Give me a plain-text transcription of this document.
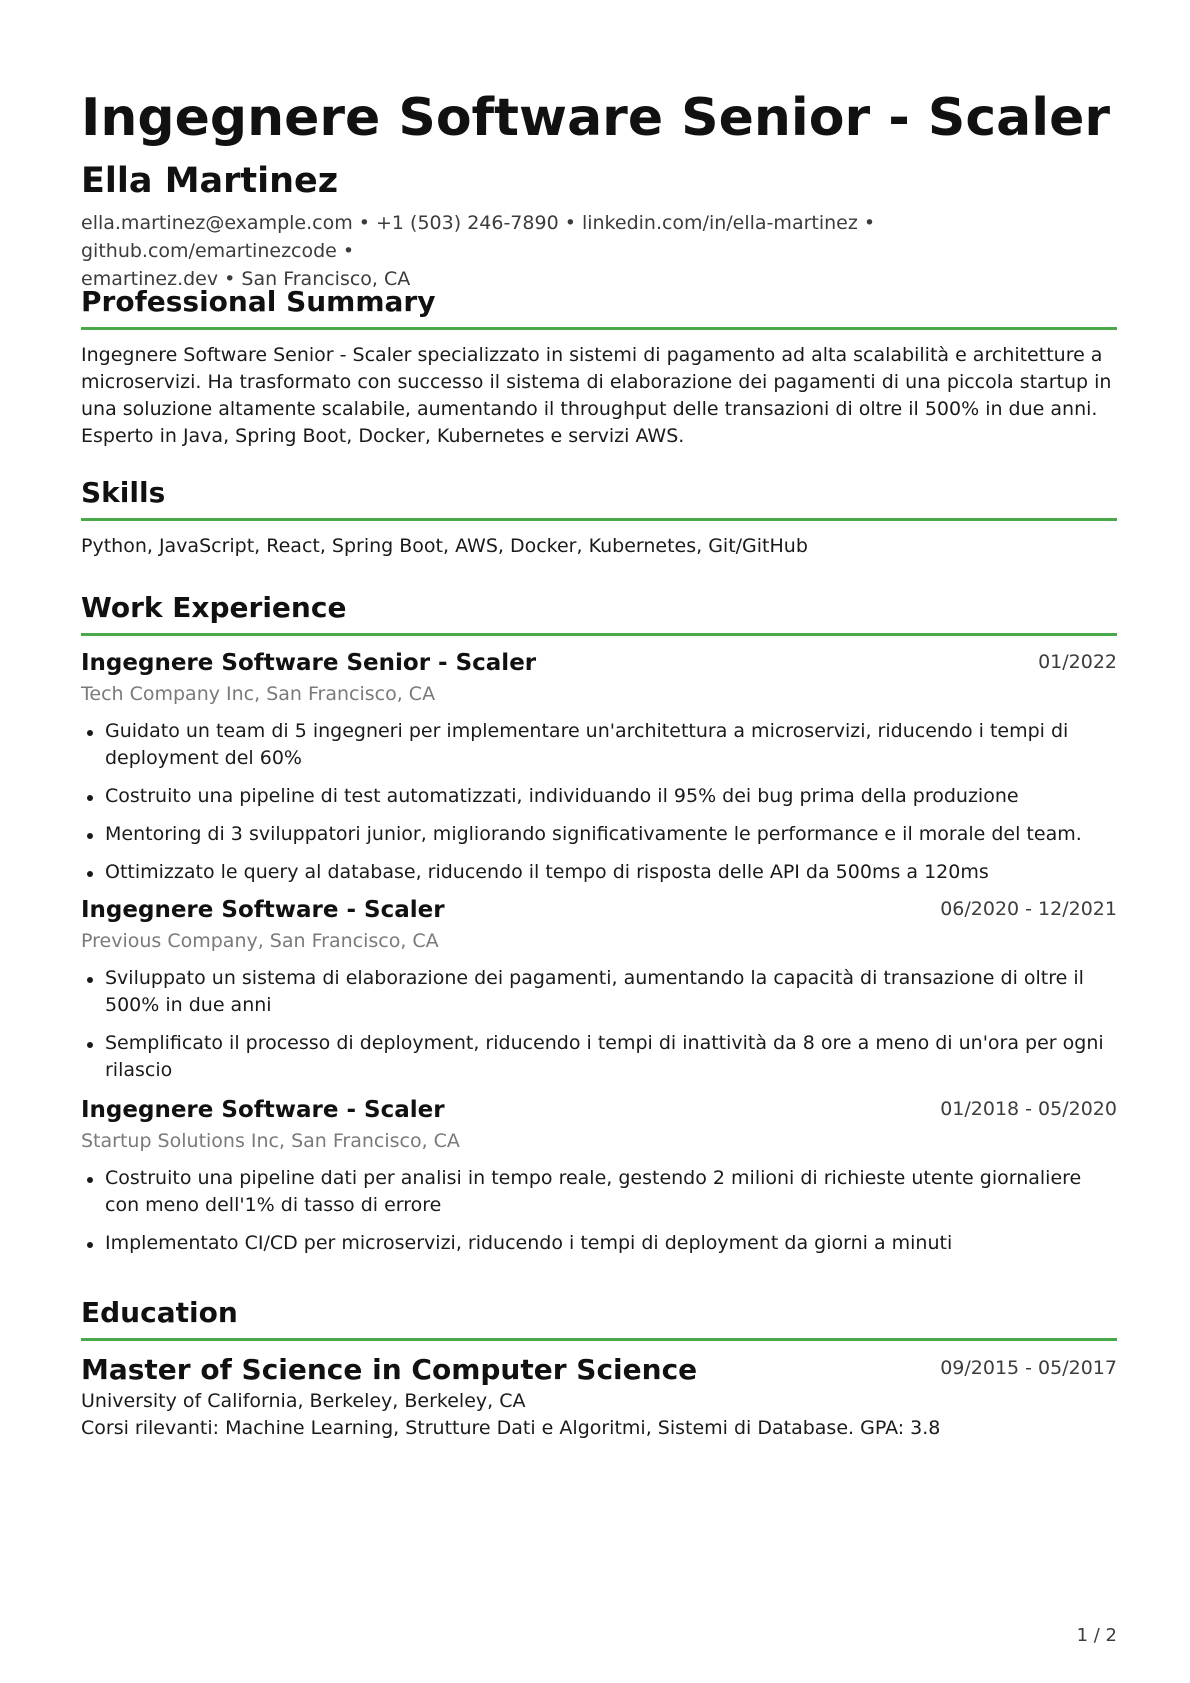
Ingegnere Software Senior - Scaler
Ella Martinez
ella.martinez@example.com • +1 (503) 246-7890 • linkedin.com/in/ella-martinez • github.com/emartinezcode •
emartinez.dev • San Francisco, CA
Professional Summary
Ingegnere Software Senior - Scaler specializzato in sistemi di pagamento ad alta scalabilità e architetture a microservizi. Ha trasformato con successo il sistema di elaborazione dei pagamenti di una piccola startup in una soluzione altamente scalabile, aumentando il throughput delle transazioni di oltre il 500% in due anni. Esperto in Java, Spring Boot, Docker, Kubernetes e servizi AWS.
Skills
Python, JavaScript, React, Spring Boot, AWS, Docker, Kubernetes, Git/GitHub
Work Experience
Ingegnere Software Senior - Scaler	01/2022
Tech Company Inc, San Francisco, CA
Guidato un team di 5 ingegneri per implementare un'architettura a microservizi, riducendo i tempi di deployment del 60%
Costruito una pipeline di test automatizzati, individuando il 95% dei bug prima della produzione
Mentoring di 3 sviluppatori junior, migliorando significativamente le performance e il morale del team.
Ottimizzato le query al database, riducendo il tempo di risposta delle API da 500ms a 120ms
Ingegnere Software - Scaler	06/2020 - 12/2021
Previous Company, San Francisco, CA
Sviluppato un sistema di elaborazione dei pagamenti, aumentando la capacità di transazione di oltre il 500% in due anni
Semplificato il processo di deployment, riducendo i tempi di inattività da 8 ore a meno di un'ora per ogni rilascio
Ingegnere Software - Scaler	01/2018 - 05/2020
Startup Solutions Inc, San Francisco, CA
Costruito una pipeline dati per analisi in tempo reale, gestendo 2 milioni di richieste utente giornaliere con meno dell'1% di tasso di errore
Implementato CI/CD per microservizi, riducendo i tempi di deployment da giorni a minuti
Education
Master of Science in Computer Science	09/2015 - 05/2017
University of California, Berkeley, Berkeley, CA
Corsi rilevanti: Machine Learning, Strutture Dati e Algoritmi, Sistemi di Database. GPA: 3.8
1 / 2
